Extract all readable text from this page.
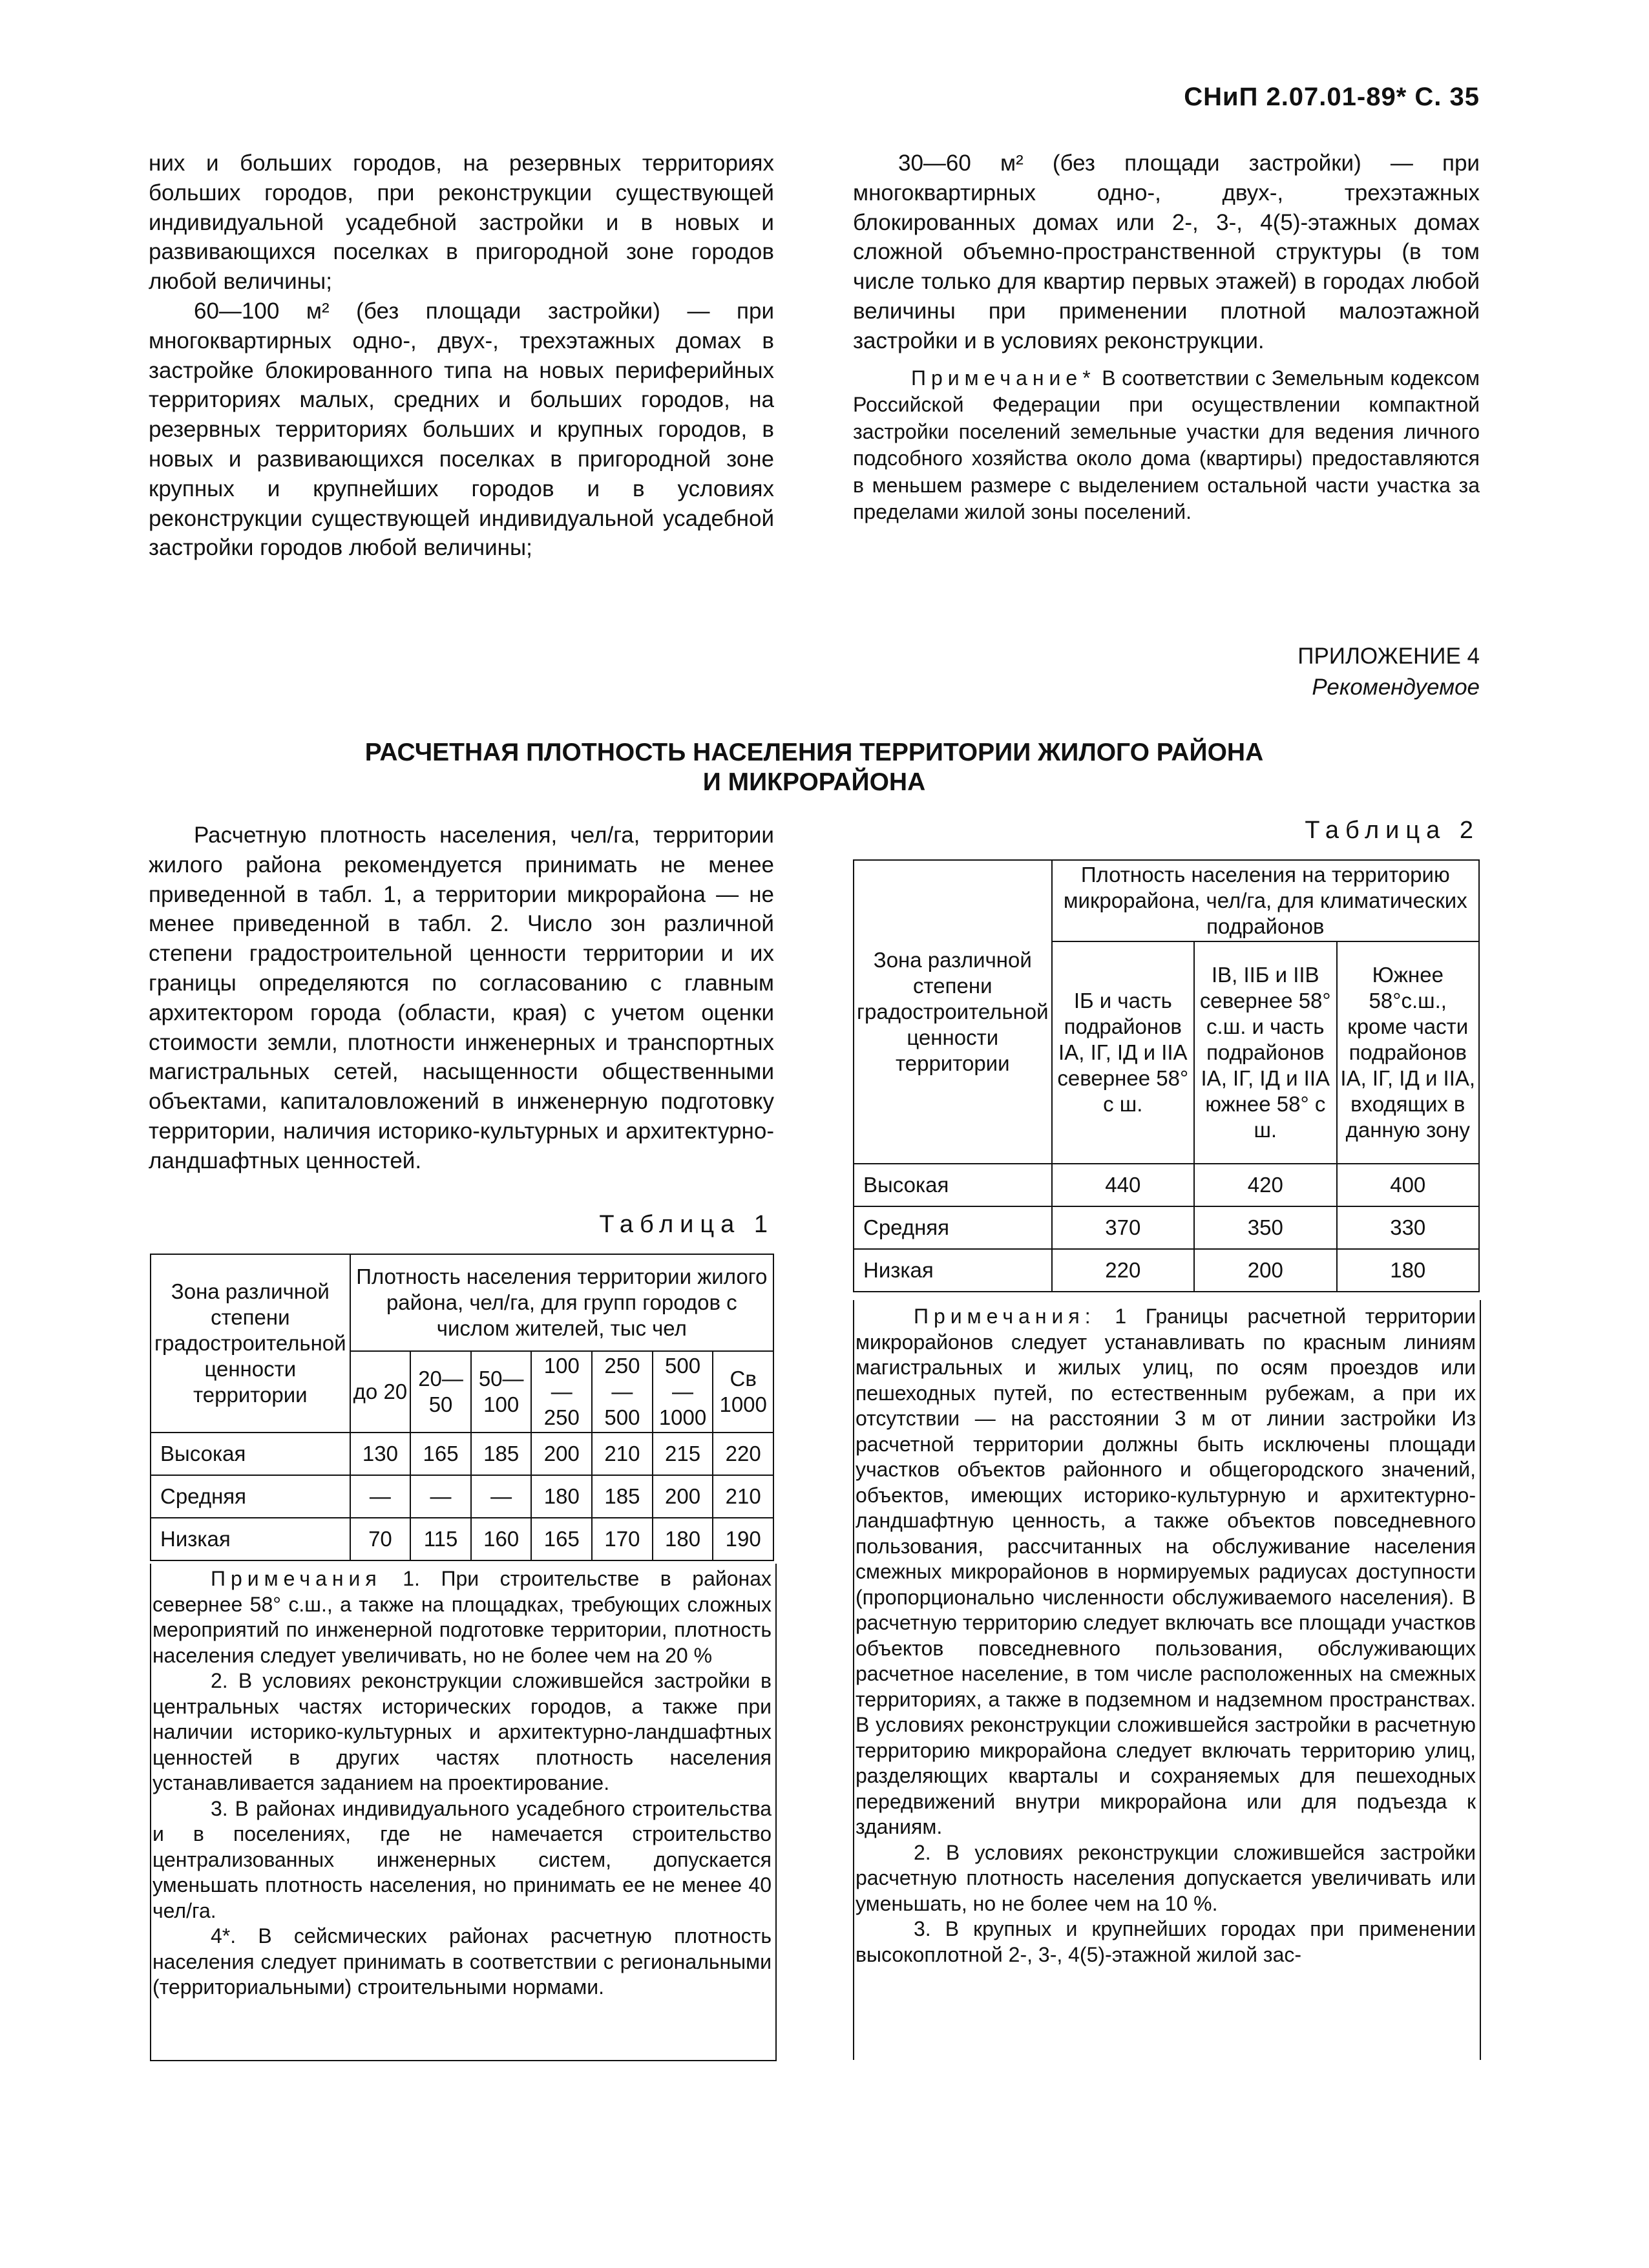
СНиП 2.07.01-89* С. 35

них и больших городов, на резервных территориях больших городов, при реконструкции существующей индивидуальной усадебной застройки и в новых и развивающихся поселках в пригородной зоне городов любой величины;

60—100 м² (без площади застройки) — при многоквартирных одно-, двух-, трехэтажных домах в застройке блокированного типа на новых периферийных территориях малых, средних и больших городов, на резервных территориях больших и крупных городов, в новых и развивающихся поселках в пригородной зоне крупных и крупнейших городов и в условиях реконструкции существующей индивидуальной усадебной застройки городов любой величины;

30—60 м² (без площади застройки) — при многоквартирных одно-, двух-, трехэтажных блокированных домах или 2-, 3-, 4(5)-этажных домах сложной объемно-пространственной структуры (в том числе только для квартир первых этажей) в городах любой величины при применении плотной малоэтажной застройки и в условиях реконструкции.

Примечание* В соответствии с Земельным кодексом Российской Федерации при осуществлении компактной застройки поселений земельные участки для ведения личного подсобного хозяйства около дома (квартиры) предоставляются в меньшем размере с выделением остальной части участка за пределами жилой зоны поселений.

ПРИЛОЖЕНИЕ 4
Рекомендуемое
РАСЧЕТНАЯ ПЛОТНОСТЬ НАСЕЛЕНИЯ ТЕРРИТОРИИ ЖИЛОГО РАЙОНА
И МИКРОРАЙОНА

Расчетную плотность населения, чел/га, территории жилого района рекомендуется принимать не менее приведенной в табл. 1, а территории микрорайона — не менее приведенной в табл. 2. Число зон различной степени градостроительной ценности территории и их границы определяются по согласованию с главным архитектором города (области, края) с учетом оценки стоимости земли, плотности инженерных и транспортных магистральных сетей, насыщенности общественными объектами, капиталовложений в инженерную подготовку территории, наличия историко-культурных и архитектурно-ландшафтных ценностей.

Таблица 1
Зона различной степени градостроительной ценности территории	Плотность населения территории жилого района, чел/га, для групп городов с числом жителей, тыс чел						
	до 20	20—50	50—100	100—250	250—500	500—1000	Св 1000
Высокая	130	165	185	200	210	215	220
Средняя	—	—	—	180	185	200	210
Низкая	70	115	160	165	170	180	190

Примечания 1. При строительстве в районах севернее 58° с.ш., а также на площадках, требующих сложных мероприятий по инженерной подготовке территории, плотность населения следует увеличивать, но не более чем на 20 %

2. В условиях реконструкции сложившейся застройки в центральных частях исторических городов, а также при наличии историко-культурных и архитектурно-ландшафтных ценностей в других частях плотность населения устанавливается заданием на проектирование.

3. В районах индивидуального усадебного строительства и в поселениях, где не намечается строительство централизованных инженерных систем, допускается уменьшать плотность населения, но принимать ее не менее 40 чел/га.

4*. В сейсмических районах расчетную плотность населения следует принимать в соответствии с региональными (территориальными) строительными нормами.

Таблица 2
Зона различной степени градостроительной ценности территории	Плотность населения на территорию микрорайона, чел/га, для климатических подрайонов		
	IБ и часть подрайонов IА, IГ, IД и IIА севернее 58° с ш.	IВ, IIБ и IIВ севернее 58° с.ш. и часть подрайонов IА, IГ, IД и IIА южнее 58° с ш.	Южнее 58°с.ш., кроме части подрайонов IА, IГ, IД и IIА, входящих в данную зону
Высокая	440	420	400
Средняя	370	350	330
Низкая	220	200	180

Примечания: 1 Границы расчетной территории микрорайонов следует устанавливать по красным линиям магистральных и жилых улиц, по осям проездов или пешеходных путей, по естественным рубежам, а при их отсутствии — на расстоянии 3 м от линии застройки Из расчетной территории должны быть исключены площади участков объектов районного и общегородского значений, объектов, имеющих историко-культурную и архитектурно-ландшафтную ценность, а также объектов повседневного пользования, рассчитанных на обслуживание населения смежных микрорайонов в нормируемых радиусах доступности (пропорционально численности обслуживаемого населения). В расчетную территорию следует включать все площади участков объектов повседневного пользования, обслуживающих расчетное население, в том числе расположенных на смежных территориях, а также в подземном и надземном пространствах. В условиях реконструкции сложившейся застройки в расчетную территорию микрорайона следует включать территорию улиц, разделяющих кварталы и сохраняемых для пешеходных передвижений внутри микрорайона или для подъезда к зданиям.

2. В условиях реконструкции сложившейся застройки расчетную плотность населения допускается увеличивать или уменьшать, но не более чем на 10 %.

3. В крупных и крупнейших городах при применении высокоплотной 2-, 3-, 4(5)-этажной жилой зас-
